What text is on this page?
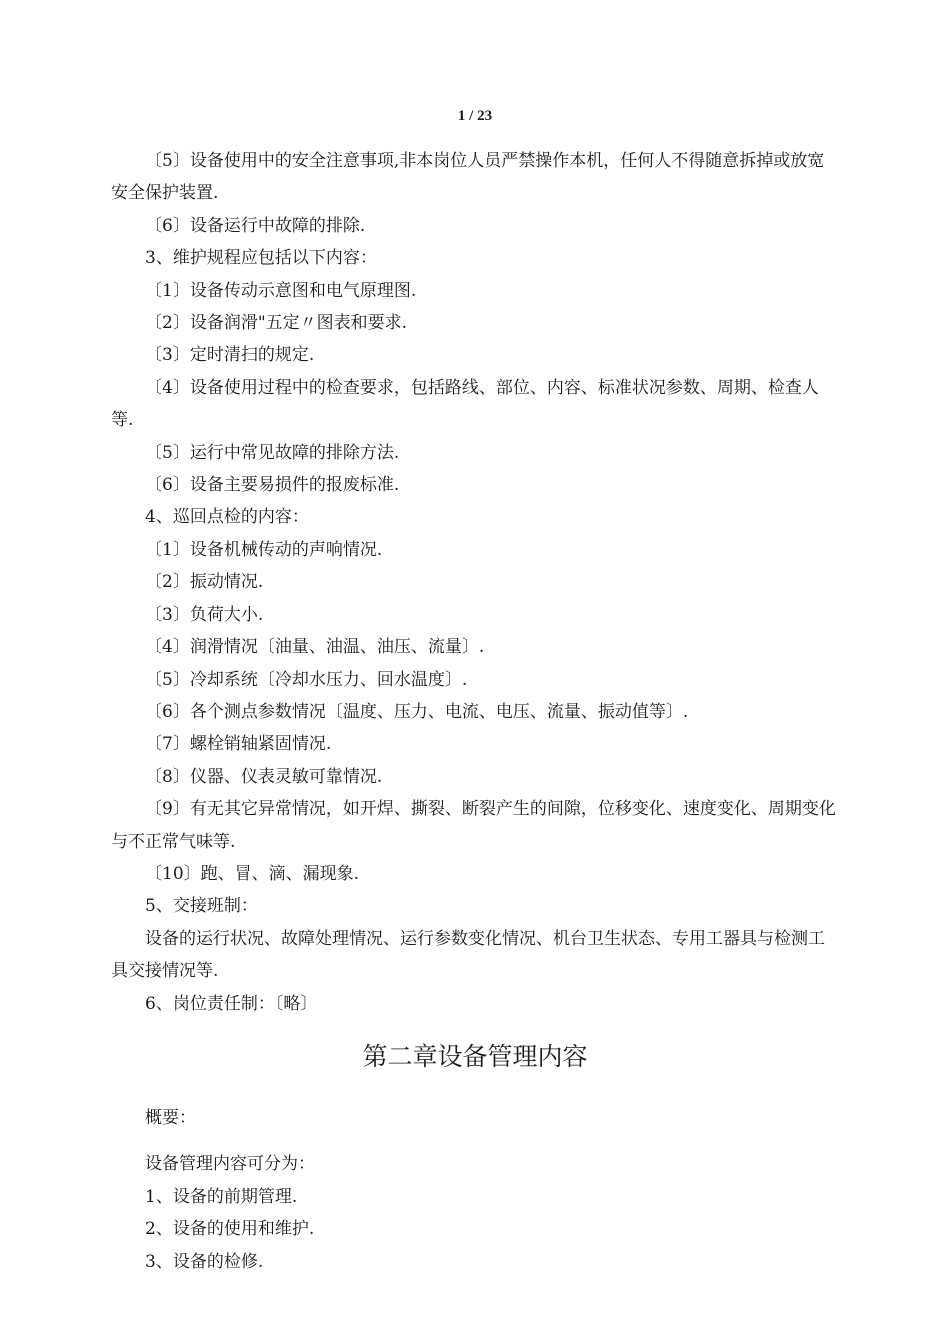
1 / 23

〔5〕设备使用中的安全注意事项,非本岗位人员严禁操作本机，任何人不得随意拆掉或放宽安全保护装置.

〔6〕设备运行中故障的排除.

3、维护规程应包括以下内容：

〔1〕设备传动示意图和电气原理图.

〔2〕设备润滑"五定〃图表和要求.

〔3〕定时清扫的规定.

〔4〕设备使用过程中的检查要求，包括路线、部位、内容、标准状况参数、周期、检查人等.

〔5〕运行中常见故障的排除方法.

〔6〕设备主要易损件的报废标准.

4、巡回点检的内容：

〔1〕设备机械传动的声响情况.

〔2〕振动情况.

〔3〕负荷大小.

〔4〕润滑情况〔油量、油温、油压、流量〕.

〔5〕冷却系统〔冷却水压力、回水温度〕.

〔6〕各个测点参数情况〔温度、压力、电流、电压、流量、振动值等〕.

〔7〕螺栓销轴紧固情况.

〔8〕仪器、仪表灵敏可靠情况.

〔9〕有无其它异常情况，如开焊、撕裂、断裂产生的间隙，位移变化、速度变化、周期变化与不正常气味等.

〔10〕跑、冒、滴、漏现象.

5、交接班制：

设备的运行状况、故障处理情况、运行参数变化情况、机台卫生状态、专用工器具与检测工具交接情况等.

6、岗位责任制：〔略〕

第二章设备管理内容

概要：

设备管理内容可分为：

1、设备的前期管理.

2、设备的使用和维护.

3、设备的检修.
